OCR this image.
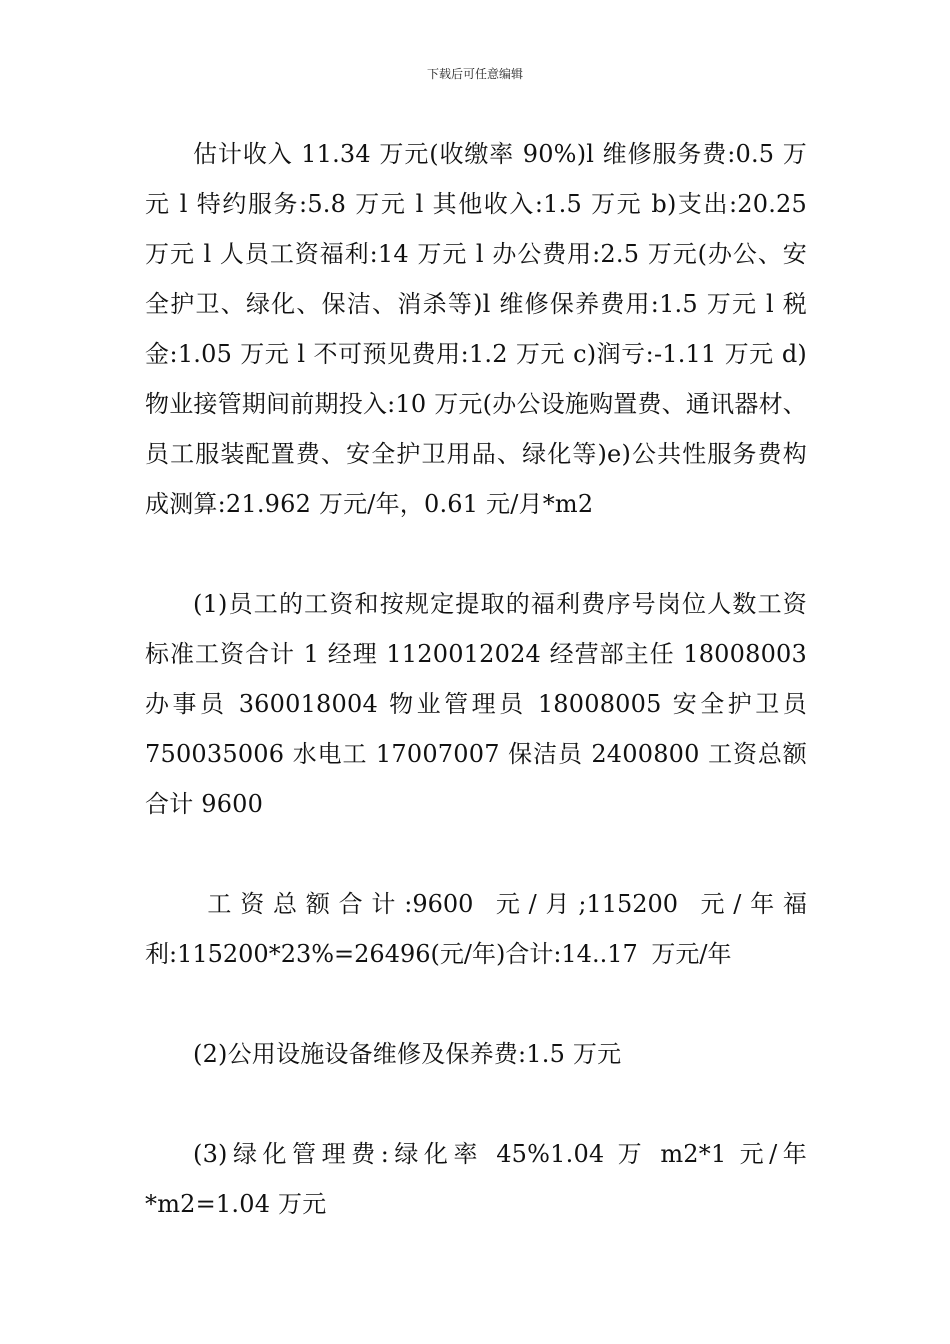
下载后可任意编辑

估计收入 11.34 万元(收缴率 90%)l 维修服务费:0.5 万元 l 特约服务:5.8 万元 l 其他收入:1.5 万元 b)支出:20.25 万元 l 人员工资福利:14 万元 l 办公费用:2.5 万元(办公、安全护卫、绿化、保洁、消杀等)l 维修保养费用:1.5 万元 l 税金:1.05 万元 l 不可预见费用:1.2 万元 c)润亏:-1.11 万元 d)物业接管期间前期投入:10 万元(办公设施购置费、通讯器材、员工服装配置费、安全护卫用品、绿化等)e)公共性服务费构成测算:21.962 万元/年，0.61 元/月*m2

(1)员工的工资和按规定提取的福利费序号岗位人数工资标准工资合计 1 经理 1120012024 经营部主任 18008003 办事员 360018004 物业管理员 18008005 安全护卫员 750035006 水电工 17007007 保洁员 2400800 工资总额合计 9600

工资总额合计:9600 元/月;115200 元/年福利:115200*23%=26496(元/年)合计:14..17 万元/年

(2)公用设施设备维修及保养费:1.5 万元

(3)绿化管理费:绿化率 45%1.04 万 m2*1 元/年*m2=1.04 万元
